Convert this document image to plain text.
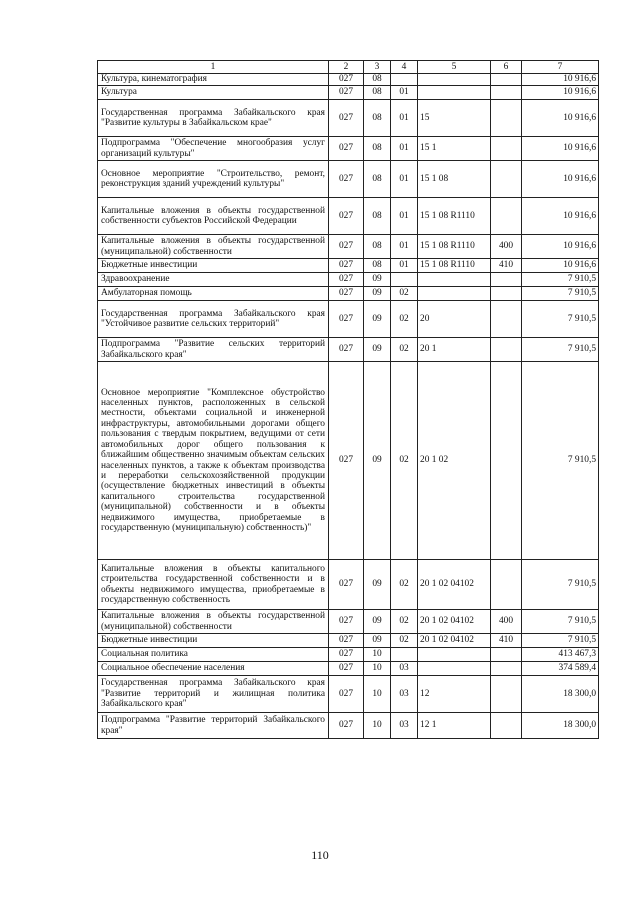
1	2	3	4	5	6	7
Культура, кинематография	027	08				10 916,6
Культура	027	08	01			10 916,6
Государственная программа Забайкальского края "Развитие культуры в Забайкальском крае"	027	08	01	15		10 916,6
Подпрограмма "Обеспечение многообразия услуг организаций культуры"	027	08	01	15 1		10 916,6
Основное мероприятие "Строительство, ремонт, реконструкция зданий учреждений культуры"	027	08	01	15 1 08		10 916,6
Капитальные вложения в объекты государственной собственности субъектов Российской Федерации	027	08	01	15 1 08 R1110		10 916,6
Капитальные вложения в объекты государственной (муниципальной) собственности	027	08	01	15 1 08 R1110	400	10 916,6
Бюджетные инвестиции	027	08	01	15 1 08 R1110	410	10 916,6
Здравоохранение	027	09				7 910,5
Амбулаторная помощь	027	09	02			7 910,5
Государственная программа Забайкальского края "Устойчивое развитие сельских территорий"	027	09	02	20		7 910,5
Подпрограмма "Развитие сельских территорий Забайкальского края"	027	09	02	20 1		7 910,5
Основное мероприятие "Комплексное обустройство населенных пунктов, расположенных в сельской местности, объектами социальной и инженерной инфраструктуры, автомобильными дорогами общего пользования с твердым покрытием, ведущими от сети автомобильных дорог общего пользования к ближайшим общественно значимым объектам сельских населенных пунктов, а также к объектам производства и переработки сельскохозяйственной продукции (осуществление бюджетных инвестиций в объекты капитального строительства государственной (муниципальной) собственности и в объекты недвижимого имущества, приобретаемые в государственную (муниципальную) собственность)"	027	09	02	20 1 02		7 910,5
Капитальные вложения в объекты капитального строительства государственной собственности и в объекты недвижимого имущества, приобретаемые в государственную собственность	027	09	02	20 1 02 04102		7 910,5
Капитальные вложения в объекты государственной (муниципальной) собственности	027	09	02	20 1 02 04102	400	7 910,5
Бюджетные инвестиции	027	09	02	20 1 02 04102	410	7 910,5
Социальная политика	027	10				413 467,3
Социальное обеспечение населения	027	10	03			374 589,4
Государственная программа Забайкальского края "Развитие территорий и жилищная политика Забайкальского края"	027	10	03	12		18 300,0
Подпрограмма "Развитие территорий Забайкальского края"	027	10	03	12 1		18 300,0
110
